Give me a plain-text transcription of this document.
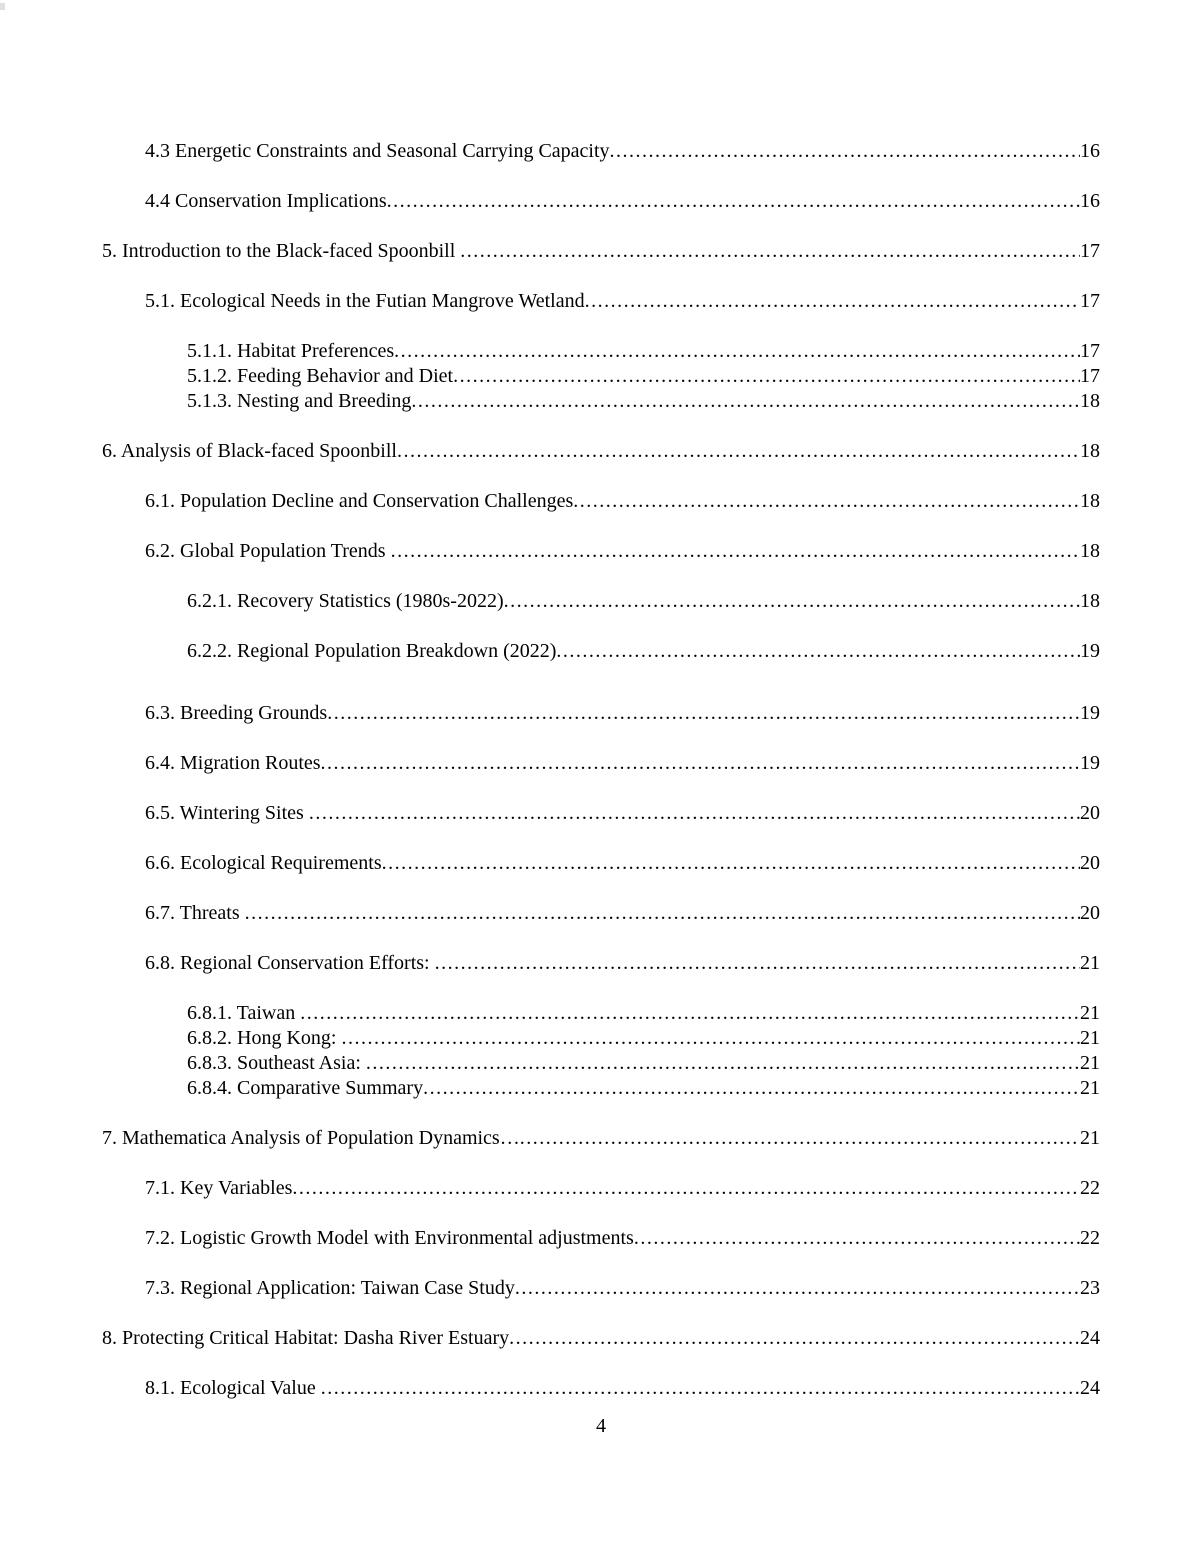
4.3 Energetic Constraints and Seasonal Carrying Capacity .....	16
4.4 Conservation Implications .....	16
5. Introduction to the Black-faced Spoonbill .....	17
5.1. Ecological Needs in the Futian Mangrove Wetland .....	17
5.1.1. Habitat Preferences .....	17
5.1.2. Feeding Behavior and Diet .....	17
5.1.3. Nesting and Breeding .....	18
6. Analysis of Black-faced Spoonbill .....	18
6.1. Population Decline and Conservation Challenges .....	18
6.2. Global Population Trends .....	18
6.2.1. Recovery Statistics (1980s-2022) .....	18
6.2.2. Regional Population Breakdown (2022) .....	19
6.3. Breeding Grounds .....	19
6.4. Migration Routes .....	19
6.5. Wintering Sites .....	20
6.6. Ecological Requirements .....	20
6.7. Threats .....	20
6.8. Regional Conservation Efforts: .....	21
6.8.1. Taiwan .....	21
6.8.2. Hong Kong: .....	21
6.8.3. Southeast Asia: .....	21
6.8.4. Comparative Summary .....	21
7. Mathematica Analysis of Population Dynamics… .....	21
7.1. Key Variables .....	22
7.2. Logistic Growth Model with Environmental adjustments .....	22
7.3. Regional Application: Taiwan Case Study .....	23
8. Protecting Critical Habitat: Dasha River Estuary .....	24
8.1. Ecological Value .....	24
4
